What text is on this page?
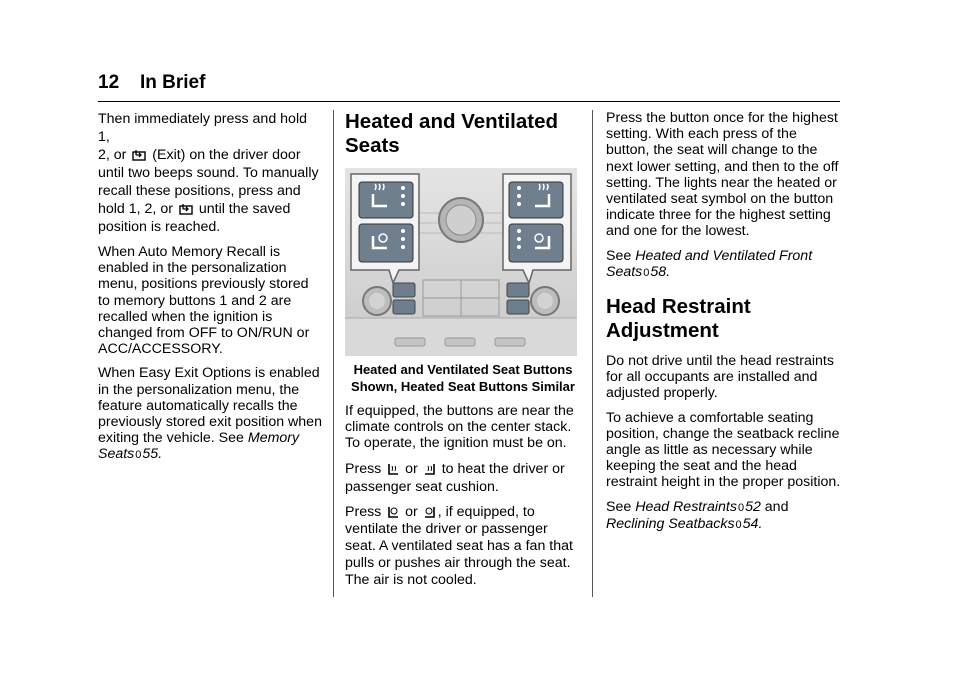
12 In Brief

Then immediately press and hold 1,
2, or (Exit) on the driver door
until two beeps sound. To manually
recall these positions, press and
hold 1, 2, or until the saved
position is reached.

When Auto Memory Recall is enabled in the personalization menu, positions previously stored to memory buttons 1 and 2 are recalled when the ignition is changed from OFF to ON/RUN or ACC/ACCESSORY.

When Easy Exit Options is enabled in the personalization menu, the feature automatically recalls the previously stored exit position when exiting the vehicle. See Memory Seats055.

Heated and Ventilated Seats
Heated and Ventilated Seat Buttons Shown, Heated Seat Buttons Similar

If equipped, the buttons are near the climate controls on the center stack. To operate, the ignition must be on.

Press or to heat the driver or
passenger seat cushion.

Press or , if equipped, to
ventilate the driver or passenger seat. A ventilated seat has a fan that pulls or pushes air through the seat. The air is not cooled.

Press the button once for the highest setting. With each press of the button, the seat will change to the next lower setting, and then to the off setting. The lights near the heated or ventilated seat symbol on the button indicate three for the highest setting and one for the lowest.

See Heated and Ventilated Front Seats058.

Head Restraint Adjustment

Do not drive until the head restraints for all occupants are installed and adjusted properly.

To achieve a comfortable seating position, change the seatback recline angle as little as necessary while keeping the seat and the head restraint height in the proper position.

See Head Restraints052 and
Reclining Seatbacks054.
